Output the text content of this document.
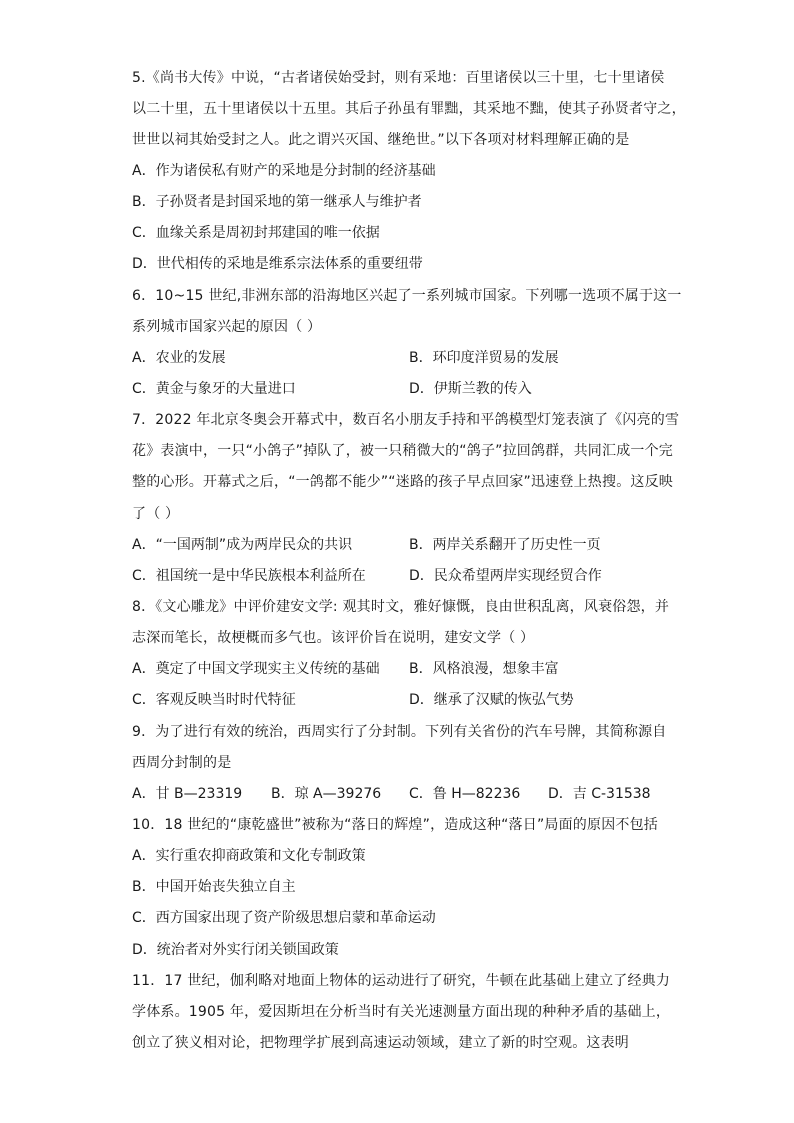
5.《尚书大传》中说，“古者诸侯始受封，则有采地：百里诸侯以三十里，七十里诸侯
以二十里，五十里诸侯以十五里。其后子孙虽有罪黜，其采地不黜，使其子孙贤者守之，
世世以祠其始受封之人。此之谓兴灭国、继绝世。”以下各项对材料理解正确的是
A．作为诸侯私有财产的采地是分封制的经济基础
B．子孙贤者是封国采地的第一继承人与维护者
C．血缘关系是周初封邦建国的唯一依据
D．世代相传的采地是维系宗法体系的重要纽带
6．10~15 世纪,非洲东部的沿海地区兴起了一系列城市国家。下列哪一选项不属于这一
系列城市国家兴起的原因（ ）
A．农业的发展	B．环印度洋贸易的发展
C．黄金与象牙的大量进口	D．伊斯兰教的传入
7．2022 年北京冬奥会开幕式中，数百名小朋友手持和平鸽模型灯笼表演了《闪亮的雪
花》表演中，一只“小鸽子”掉队了，被一只稍微大的“鸽子”拉回鸽群，共同汇成一个完
整的心形。开幕式之后，“一鸽都不能少”“迷路的孩子早点回家”迅速登上热搜。这反映
了（ ）
A．“一国两制”成为两岸民众的共识	B．两岸关系翻开了历史性一页
C．祖国统一是中华民族根本利益所在	D．民众希望两岸实现经贸合作
8．《文心雕龙》中评价建安文学: 观其时文，雅好慷慨，良由世积乱离，风衰俗怨，并
志深而笔长，故梗概而多气也。该评价旨在说明，建安文学（ ）
A．奠定了中国文学现实主义传统的基础 B．风格浪漫，想象丰富
C．客观反映当时时代特征	D．继承了汉赋的恢弘气势
9．为了进行有效的统治，西周实行了分封制。下列有关省份的汽车号牌，其简称源自
西周分封制的是
A．甘 B—23319 B．琼 A—39276 C．鲁 H—82236 D．吉 C-31538
10．18 世纪的“康乾盛世”被称为“落日的辉煌”，造成这种“落日”局面的原因不包括
A．实行重农抑商政策和文化专制政策
B．中国开始丧失独立自主
C．西方国家出现了资产阶级思想启蒙和革命运动
D．统治者对外实行闭关锁国政策
11．17 世纪，伽利略对地面上物体的运动进行了研究，牛顿在此基础上建立了经典力
学体系。1905 年，爱因斯坦在分析当时有关光速测量方面出现的种种矛盾的基础上，
创立了狭义相对论，把物理学扩展到高速运动领域，建立了新的时空观。这表明
